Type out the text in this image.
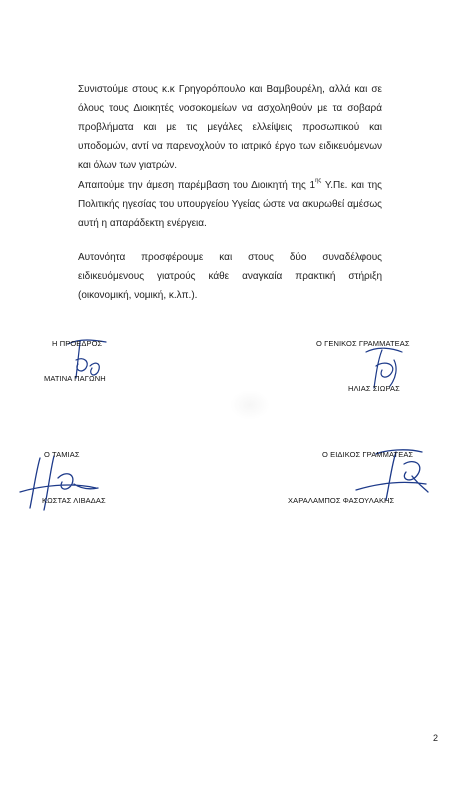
Συνιστούμε στους κ.κ Γρηγορόπουλο και Βαμβουρέλη, αλλά και σε όλους τους Διοικητές νοσοκομείων να ασχοληθούν με τα σοβαρά προβλήματα και με τις μεγάλες ελλείψεις προσωπικού και υποδομών, αντί να παρενοχλούν το ιατρικό έργο των ειδικευόμενων και όλων των γιατρών.

Απαιτούμε την άμεση παρέμβαση του Διοικητή της $1^{\eta\varsigma}$ Υ.Πε. και της Πολιτικής ηγεσίας του υπουργείου Υγείας ώστε να ακυρωθεί αμέσως αυτή η απαράδεκτη ενέργεια.

Αυτονόητα προσφέρουμε και στους δύο συναδέλφους ειδικευόμενους γιατρούς κάθε αναγκαία πρακτική στήριξη (οικονομική, νομική, κ.λπ.).

Η ΠΡΟΕΔΡΟΣ
ΜΑΤΙΝΑ ΠΑΓΩΝΗ
Ο ΓΕΝΙΚΟΣ ΓΡΑΜΜΑΤΕΑΣ
ΗΛΙΑΣ ΣΙΩΡΑΣ
Ο ΤΑΜΙΑΣ
ΚΩΣΤΑΣ ΛΙΒΑΔΑΣ
Ο ΕΙΔΙΚΟΣ ΓΡΑΜΜΑΤΕΑΣ
ΧΑΡΑΛΑΜΠΟΣ ΦΑΣΟΥΛΑΚΗΣ
2
